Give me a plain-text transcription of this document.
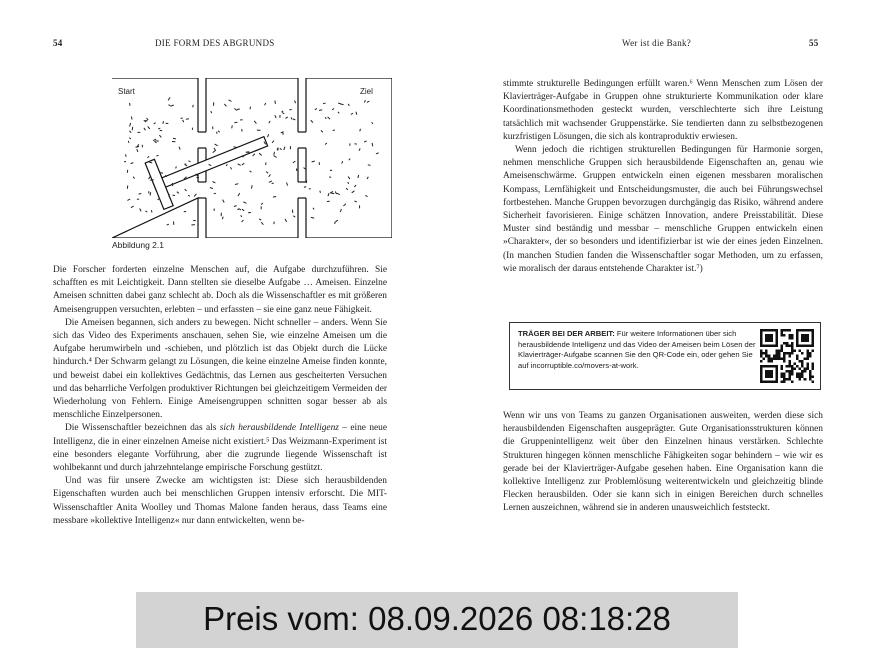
54	DIE FORM DES ABGRUNDS
Start	Ziel
Abbildung 2.1

Die Forscher forderten einzelne Menschen auf, die Aufgabe durchzuführen. Sie schafften es mit Leichtigkeit. Dann stellten sie dieselbe Aufgabe … Ameisen. Einzelne Ameisen schnitten dabei ganz schlecht ab. Doch als die Wissenschaftler es mit größeren Ameisengruppen versuchten, erlebten – und erfassten – sie eine ganz neue Fähigkeit.

Die Ameisen begannen, sich anders zu bewegen. Nicht schneller – anders. Wenn Sie sich das Video des Experiments anschauen, sehen Sie, wie einzelne Ameisen um die Aufgabe herumwirbeln und -schieben, und plötzlich ist das Objekt durch die Lücke hindurch.⁴ Der Schwarm gelangt zu Lösungen, die keine einzelne Ameise finden konnte, und beweist dabei ein kollektives Gedächtnis, das Lernen aus gescheiterten Versuchen und das beharrliche Verfolgen produktiver Richtungen bei gleichzeitigem Vermeiden der Wiederholung von Fehlern. Einige Ameisengruppen schnitten sogar besser ab als menschliche Einzelpersonen.

Die Wissenschaftler bezeichnen das als sich herausbildende Intelligenz – eine neue Intelligenz, die in einer einzelnen Ameise nicht existiert.⁵ Das Weizmann-Experiment ist eine besonders elegante Vorführung, aber die zugrunde liegende Wissenschaft ist wohlbekannt und durch jahrzehntelange empirische Forschung gestützt.

Und was für unsere Zwecke am wichtigsten ist: Diese sich herausbildenden Eigenschaften wurden auch bei menschlichen Gruppen intensiv erforscht. Die MIT-Wissenschaftler Anita Woolley und Thomas Malone fanden heraus, dass Teams eine messbare »kollektive Intelligenz« nur dann entwickelten, wenn be-

Wer ist die Bank?	55

stimmte strukturelle Bedingungen erfüllt waren.⁶ Wenn Menschen zum Lösen der Klavierträger-Aufgabe in Gruppen ohne strukturierte Kommunikation oder klare Koordinationsmethoden gesteckt wurden, verschlechterte sich ihre Leistung tatsächlich mit wachsender Gruppenstärke. Sie tendierten dann zu selbstbezogenen kurzfristigen Lösungen, die sich als kontraproduktiv erwiesen.

Wenn jedoch die richtigen strukturellen Bedingungen für Harmonie sorgen, nehmen menschliche Gruppen sich herausbildende Eigenschaften an, genau wie Ameisenschwärme. Gruppen entwickeln einen eigenen messbaren moralischen Kompass, Lernfähigkeit und Entscheidungsmuster, die auch bei Führungswechsel fortbestehen. Manche Gruppen bevorzugen durchgängig das Risiko, während andere Sicherheit favorisieren. Einige schätzen Innovation, andere Preisstabilität. Diese Muster sind beständig und messbar – menschliche Gruppen entwickeln einen »Charakter«, der so besonders und identifizierbar ist wie der eines jeden Einzelnen. (In manchen Studien fanden die Wissenschaftler sogar Methoden, um zu erfassen, wie moralisch der daraus entstehende Charakter ist.⁷)

TRÄGER BEI DER ARBEIT: Für weitere Informationen über sich herausbildende Intelligenz und das Video der Ameisen beim Lösen der Klavierträger-Aufgabe scannen Sie den QR-Code ein, oder gehen Sie auf incorruptible.co/movers-at-work.

Wenn wir uns von Teams zu ganzen Organisationen ausweiten, werden diese sich herausbildenden Eigenschaften ausgeprägter. Gute Organisationsstrukturen können die Gruppenintelligenz weit über den Einzelnen hinaus verstärken. Schlechte Strukturen hingegen können menschliche Fähigkeiten sogar behindern – wie wir es gerade bei der Klavierträger-Aufgabe gesehen haben. Eine Organisation kann die kollektive Intelligenz zur Problemlösung weiterentwickeln und gleichzeitig blinde Flecken herausbilden. Oder sie kann sich in einigen Bereichen durch schnelles Lernen auszeichnen, während sie in anderen unausweichlich feststeckt.

Preis vom: 08.09.2026 08:18:28
